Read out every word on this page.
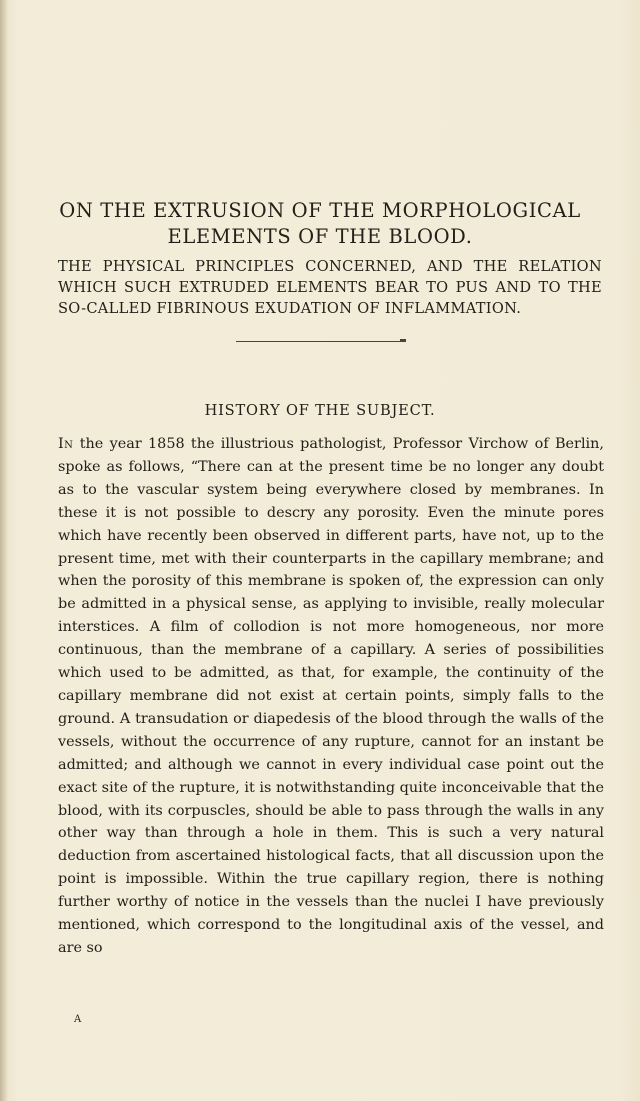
ON THE EXTRUSION OF THE MORPHOLOGICAL ELEMENTS OF THE BLOOD.

THE PHYSICAL PRINCIPLES CONCERNED, AND THE RELATION WHICH SUCH EXTRUDED ELEMENTS BEAR TO PUS AND TO THE SO-CALLED FIBRINOUS EXUDATION OF INFLAMMATION.

HISTORY OF THE SUBJECT.

In the year 1858 the illustrious pathologist, Professor Virchow of Berlin, spoke as follows, “There can at the present time be no longer any doubt as to the vascular system being everywhere closed by membranes. In these it is not possible to descry any porosity. Even the minute pores which have recently been observed in different parts, have not, up to the present time, met with their counterparts in the capillary membrane; and when the porosity of this membrane is spoken of, the expression can only be admitted in a physical sense, as applying to invisible, really molecular interstices. A film of collodion is not more homogeneous, nor more continuous, than the membrane of a capillary. A series of possibilities which used to be admitted, as that, for example, the continuity of the capillary membrane did not exist at certain points, simply falls to the ground. A transudation or diapedesis of the blood through the walls of the vessels, without the occurrence of any rupture, cannot for an instant be admitted; and although we cannot in every individual case point out the exact site of the rupture, it is notwithstanding quite inconceivable that the blood, with its corpuscles, should be able to pass through the walls in any other way than through a hole in them. This is such a very natural deduction from ascertained histological facts, that all discussion upon the point is impossible. Within the true capillary region, there is nothing further worthy of notice in the vessels than the nuclei I have previously mentioned, which correspond to the longitudinal axis of the vessel, and are so

A
